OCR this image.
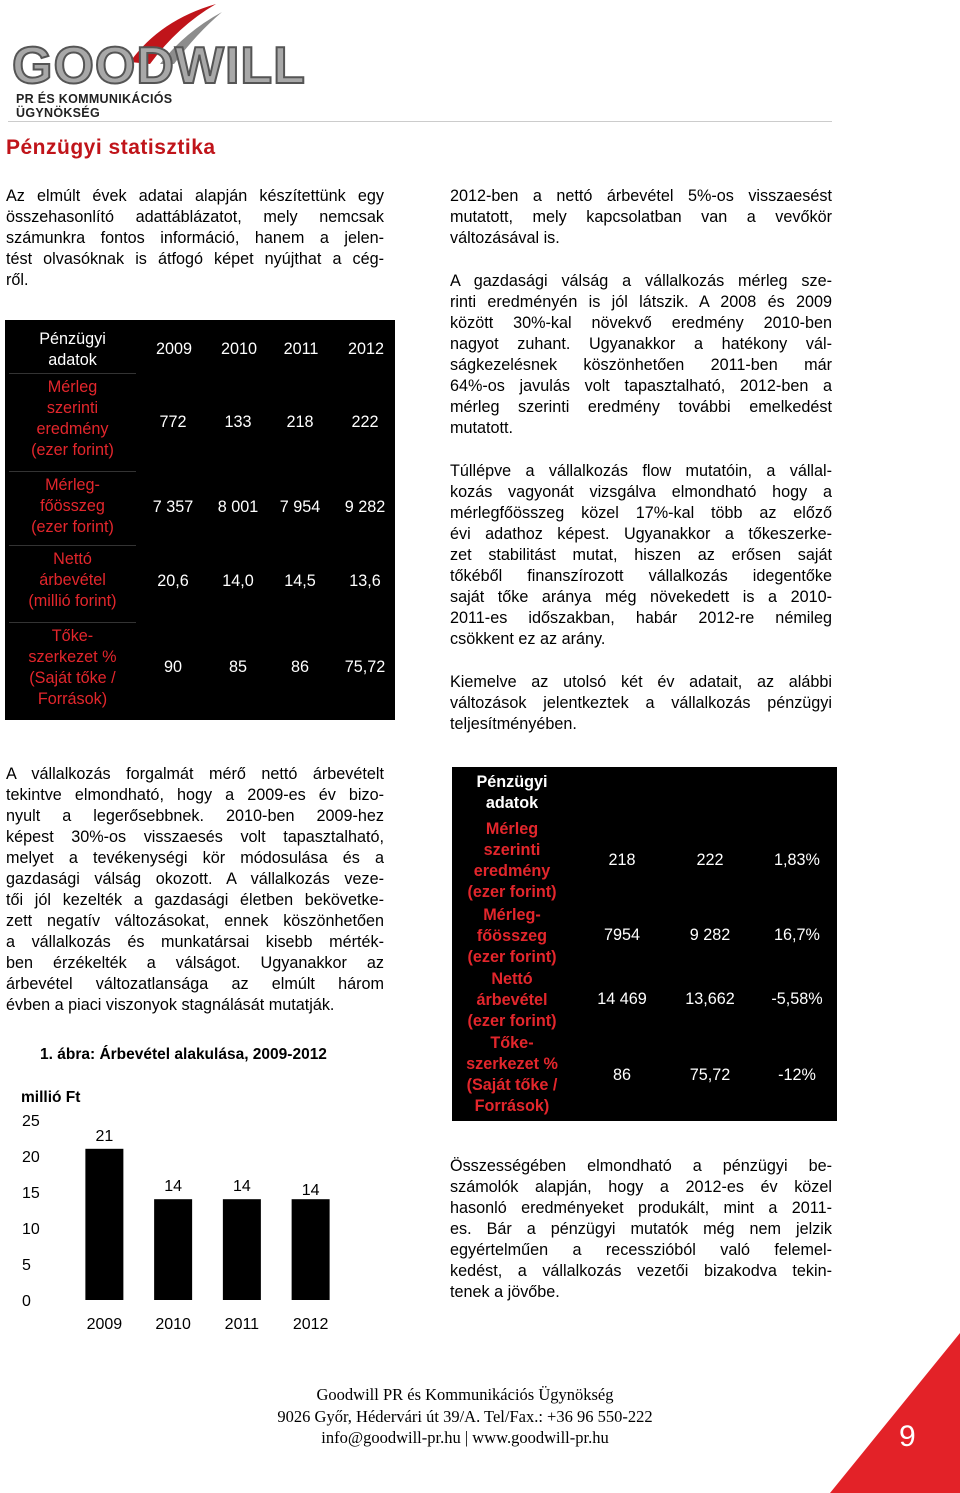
GOODWILL
PR ÉS KOMMUNIKÁCIÓS ÜGYNÖKSÉG
Pénzügyi statisztika
Az elmúlt évek adatai alapján készítettünk egy
összehasonlító adattáblázatot, mely nemcsak
számunkra fontos információ, hanem a jelen-
tést olvasóknak is átfogó képet nyújthat a cég-
ről.
Pénzügyi
adatok
2009	2010	2011	2012
Mérleg
szerinti
eredmény
(ezer forint)
772	133	218	222
Mérleg-
főösszeg
(ezer forint)
7 357	8 001	7 954	9 282
Nettó
árbevétel
(millió forint)
20,6	14,0	14,5	13,6
Tőke-
szerkezet %
(Saját tőke /
Források)
90	85	86	75,72
2012-ben a nettó árbevétel 5%-os visszaesést
mutatott, mely kapcsolatban van a vevőkör
változásával is.
A gazdasági válság a vállalkozás mérleg sze-
rinti eredményén is jól látszik. A 2008 és 2009
között 30%-kal növekvő eredmény 2010-ben
nagyot zuhant. Ugyanakkor a hatékony vál-
ságkezelésnek köszönhetően 2011-ben már
64%-os javulás volt tapasztalható, 2012-ben a
mérleg szerinti eredmény további emelkedést
mutatott.
Túllépve a vállalkozás flow mutatóin, a vállal-
kozás vagyonát vizsgálva elmondható hogy a
mérlegfőösszeg közel 17%-kal több az előző
évi adathoz képest. Ugyanakkor a tőkeszerke-
zet stabilitást mutat, hiszen az erősen saját
tőkéből finanszírozott vállalkozás idegentőke
saját tőke aránya még növekedett is a 2010-
2011-es időszakban, habár 2012-re némileg
csökkent ez az arány.
Kiemelve az utolsó két év adatait, az alábbi
változások jelentkeztek a vállalkozás pénzügyi
teljesítményében.
A vállalkozás forgalmát mérő nettó árbevételt
tekintve elmondható, hogy a 2009-es év bizo-
nyult a legerősebbnek. 2010-ben 2009-hez
képest 30%-os visszaesés volt tapasztalható,
melyet a tevékenységi kör módosulása és a
gazdasági válság okozott. A vállalkozás veze-
tői jól kezelték a gazdasági életben bekövetke-
zett negatív változásokat, ennek köszönhetően
a vállalkozás és munkatársai kisebb mérték-
ben érzékelték a válságot. Ugyanakkor az
árbevétel változatlansága az elmúlt három
évben a piaci viszonyok stagnálását mutatják.
1. ábra: Árbevétel alakulása, 2009-2012
millió Ft
25
20
15
10
5
0
21
2009
14
2010
14
2011
14
2012
Pénzügyi
adatok
2011	2012	Változás
Mérleg
szerinti
eredmény
(ezer forint)
218	222	1,83%
Mérleg-
főösszeg
(ezer forint)
7954	9 282	16,7%
Nettó
árbevétel
(ezer forint)
14 469	13,662	-5,58%
Tőke-
szerkezet %
(Saját tőke /
Források)
86	75,72	-12%
Összességében elmondható a pénzügyi be-
számolók alapján, hogy a 2012-es év közel
hasonló eredményeket produkált, mint a 2011-
es. Bár a pénzügyi mutatók még nem jelzik
egyértelműen a recesszióból való felemel-
kedést, a vállalkozás vezetői bizakodva tekin-
tenek a jövőbe.
Goodwill PR és Kommunikációs Ügynökség
9026 Győr, Hédervári út 39/A. Tel/Fax.: +36 96 550-222
info@goodwill-pr.hu | www.goodwill-pr.hu	9
